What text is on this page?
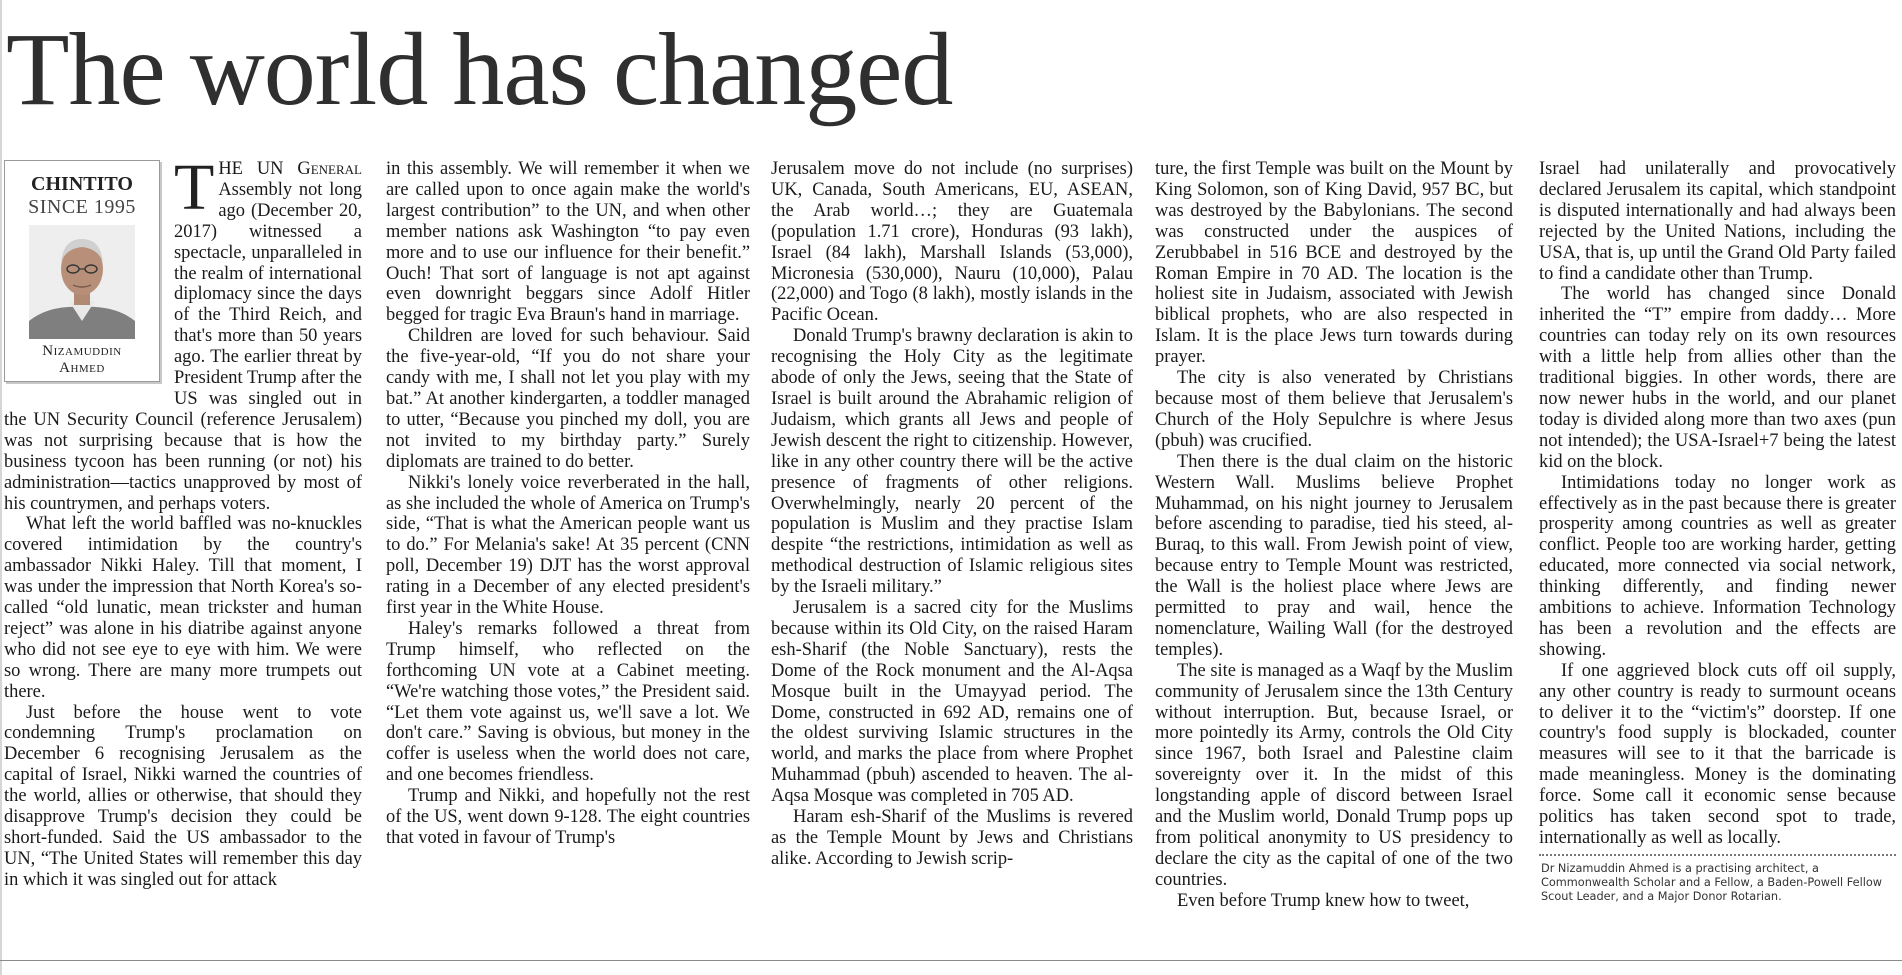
The world has changed
CHINTITO
SINCE 1995
Nizamuddin
Ahmed

THE UN General Assembly not long ago (December 20, 2017) witnessed a spectacle, unparalleled in the realm of international diplomacy since the days of the Third Reich, and that's more than 50 years ago. The earlier threat by President Trump after the US was singled out in the UN Security Council (reference Jerusalem) was not surprising because that is how the business tycoon has been running (or not) his administration—tactics unapproved by most of his countrymen, and perhaps voters.

What left the world baffled was no-knuckles covered intimidation by the country's ambassador Nikki Haley. Till that moment, I was under the impression that North Korea's so-called “old lunatic, mean trickster and human reject” was alone in his diatribe against anyone who did not see eye to eye with him. We were so wrong. There are many more trumpets out there.

Just before the house went to vote condemning Trump's proclamation on December 6 recognising Jerusalem as the capital of Israel, Nikki warned the countries of the world, allies or otherwise, that should they disapprove Trump's decision they could be short-funded. Said the US ambassador to the UN, “The United States will remember this day in which it was singled out for attack

in this assembly. We will remember it when we are called upon to once again make the world's largest contribution” to the UN, and when other member nations ask Washington “to pay even more and to use our influence for their benefit.” Ouch! That sort of language is not apt against even downright beggars since Adolf Hitler begged for tragic Eva Braun's hand in marriage.

Children are loved for such behaviour. Said the five-year-old, “If you do not share your candy with me, I shall not let you play with my bat.” At another kindergarten, a toddler managed to utter, “Because you pinched my doll, you are not invited to my birthday party.” Surely diplomats are trained to do better.

Nikki's lonely voice reverberated in the hall, as she included the whole of America on Trump's side, “That is what the American people want us to do.” For Melania's sake! At 35 percent (CNN poll, December 19) DJT has the worst approval rating in a December of any elected president's first year in the White House.

Haley's remarks followed a threat from Trump himself, who reflected on the forthcoming UN vote at a Cabinet meeting. “We're watching those votes,” the President said. “Let them vote against us, we'll save a lot. We don't care.” Saving is obvious, but money in the coffer is useless when the world does not care, and one becomes friendless.

Trump and Nikki, and hopefully not the rest of the US, went down 9-128. The eight countries that voted in favour of Trump's

Jerusalem move do not include (no surprises) UK, Canada, South Americans, EU, ASEAN, the Arab world…; they are Guatemala (population 1.71 crore), Honduras (93 lakh), Israel (84 lakh), Marshall Islands (53,000), Micronesia (530,000), Nauru (10,000), Palau (22,000) and Togo (8 lakh), mostly islands in the Pacific Ocean.

Donald Trump's brawny declaration is akin to recognising the Holy City as the legitimate abode of only the Jews, seeing that the State of Israel is built around the Abrahamic religion of Judaism, which grants all Jews and people of Jewish descent the right to citizenship. However, like in any other country there will be the active presence of fragments of other religions. Overwhelmingly, nearly 20 percent of the population is Muslim and they practise Islam despite “the restrictions, intimidation as well as methodical destruction of Islamic religious sites by the Israeli military.”

Jerusalem is a sacred city for the Muslims because within its Old City, on the raised Haram esh-Sharif (the Noble Sanctuary), rests the Dome of the Rock monument and the Al-Aqsa Mosque built in the Umayyad period. The Dome, constructed in 692 AD, remains one of the oldest surviving Islamic structures in the world, and marks the place from where Prophet Muhammad (pbuh) ascended to heaven. The al-Aqsa Mosque was completed in 705 AD.

Haram esh-Sharif of the Muslims is revered as the Temple Mount by Jews and Christians alike. According to Jewish scrip-

ture, the first Temple was built on the Mount by King Solomon, son of King David, 957 BC, but was destroyed by the Babylonians. The second was constructed under the auspices of Zerubbabel in 516 BCE and destroyed by the Roman Empire in 70 AD. The location is the holiest site in Judaism, associated with Jewish biblical prophets, who are also respected in Islam. It is the place Jews turn towards during prayer.

The city is also venerated by Christians because most of them believe that Jerusalem's Church of the Holy Sepulchre is where Jesus (pbuh) was crucified.

Then there is the dual claim on the historic Western Wall. Muslims believe Prophet Muhammad, on his night journey to Jerusalem before ascending to paradise, tied his steed, al-Buraq, to this wall. From Jewish point of view, because entry to Temple Mount was restricted, the Wall is the holiest place where Jews are permitted to pray and wail, hence the nomenclature, Wailing Wall (for the destroyed temples).

The site is managed as a Waqf by the Muslim community of Jerusalem since the 13th Century without interruption. But, because Israel, or more pointedly its Army, controls the Old City since 1967, both Israel and Palestine claim sovereignty over it. In the midst of this longstanding apple of discord between Israel and the Muslim world, Donald Trump pops up from political anonymity to US presidency to declare the city as the capital of one of the two countries.

Even before Trump knew how to tweet,

Israel had unilaterally and provocatively declared Jerusalem its capital, which standpoint is disputed internationally and had always been rejected by the United Nations, including the USA, that is, up until the Grand Old Party failed to find a candidate other than Trump.

The world has changed since Donald inherited the “T” empire from daddy… More countries can today rely on its own resources with a little help from allies other than the traditional biggies. In other words, there are now newer hubs in the world, and our planet today is divided along more than two axes (pun not intended); the USA-Israel+7 being the latest kid on the block.

Intimidations today no longer work as effectively as in the past because there is greater prosperity among countries as well as greater conflict. People too are working harder, getting educated, more connected via social network, thinking differently, and finding newer ambitions to achieve. Information Technology has been a revolution and the effects are showing.

If one aggrieved block cuts off oil supply, any other country is ready to surmount oceans to deliver it to the “victim's” doorstep. If one country's food supply is blockaded, counter measures will see to it that the barricade is made meaningless. Money is the dominating force. Some call it economic sense because politics has taken second spot to trade, internationally as well as locally.

Dr Nizamuddin Ahmed is a practising architect, a Commonwealth Scholar and a Fellow, a Baden-Powell Fellow Scout Leader, and a Major Donor Rotarian.
